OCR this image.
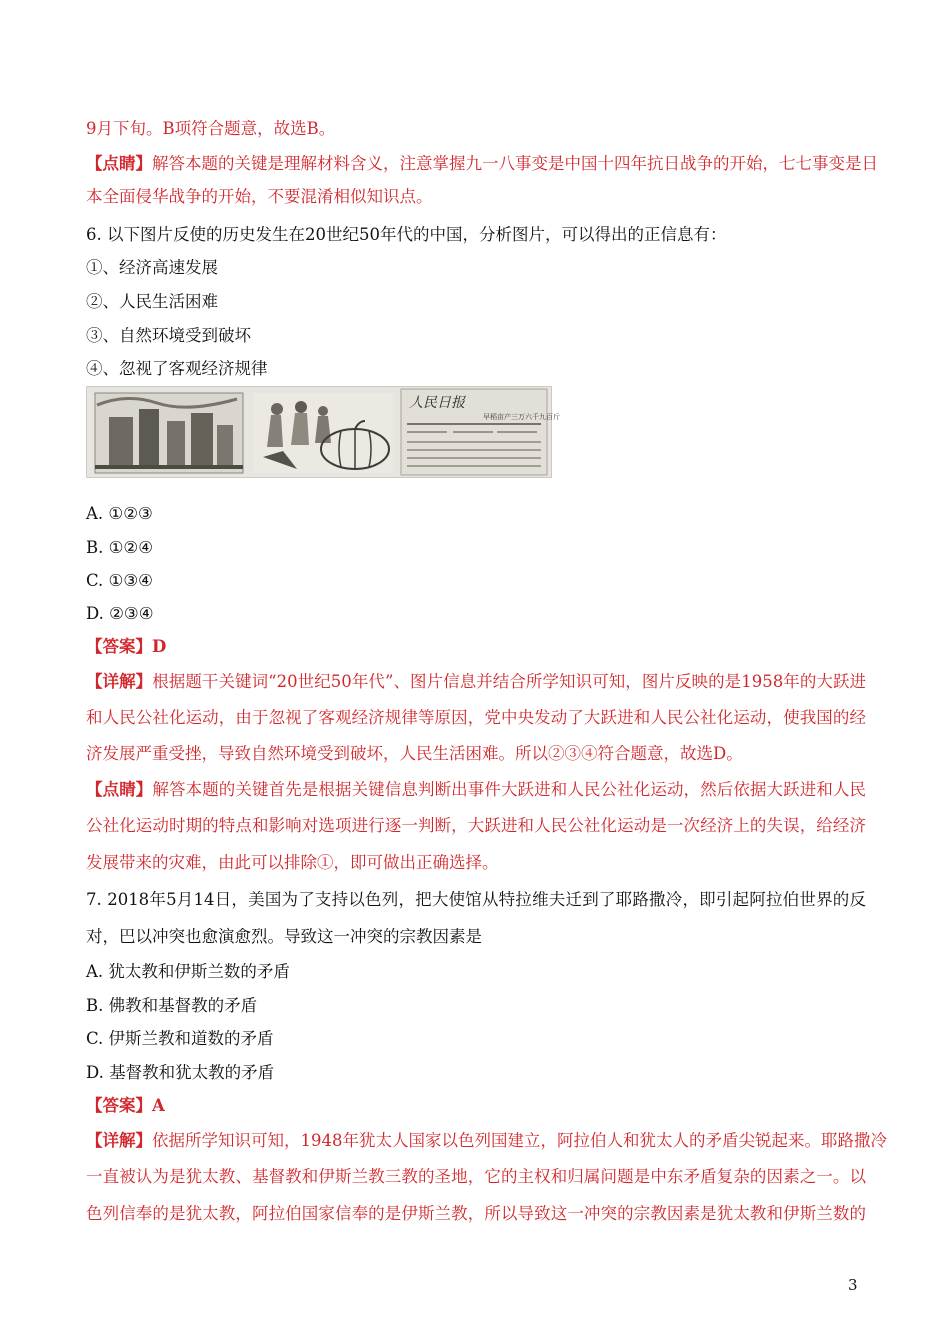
9月下旬。B项符合题意，故选B。
【点睛】解答本题的关键是理解材料含义，注意掌握九一八事变是中国十四年抗日战争的开始，七七事变是日
本全面侵华战争的开始，不要混淆相似知识点。
6. 以下图片反使的历史发生在20世纪50年代的中国，分析图片，可以得出的正信息有：
①、经济高速发展
②、人民生活困难
③、自然环境受到破坏
④、忽视了客观经济规律
人民日报
早稻亩产三万六千九百斤
A. ①②③
B. ①②④
C. ①③④
D. ②③④
【答案】D
【详解】根据题干关键词“20世纪50年代”、图片信息并结合所学知识可知，图片反映的是1958年的大跃进
和人民公社化运动，由于忽视了客观经济规律等原因，党中央发动了大跃进和人民公社化运动，使我国的经
济发展严重受挫，导致自然环境受到破坏，人民生活困难。所以②③④符合题意，故选D。
【点睛】解答本题的关键首先是根据关键信息判断出事件大跃进和人民公社化运动，然后依据大跃进和人民
公社化运动时期的特点和影响对选项进行逐一判断，大跃进和人民公社化运动是一次经济上的失误，给经济
发展带来的灾难，由此可以排除①，即可做出正确选择。
7. 2018年5月14日，美国为了支持以色列，把大使馆从特拉维夫迁到了耶路撒冷，即引起阿拉伯世界的反
对，巴以冲突也愈演愈烈。导致这一冲突的宗教因素是
A. 犹太教和伊斯兰数的矛盾
B. 佛教和基督教的矛盾
C. 伊斯兰教和道数的矛盾
D. 基督教和犹太教的矛盾
【答案】A
【详解】依据所学知识可知，1948年犹太人国家以色列国建立，阿拉伯人和犹太人的矛盾尖锐起来。耶路撒冷
一直被认为是犹太教、基督教和伊斯兰教三教的圣地，它的主权和归属问题是中东矛盾复杂的因素之一。以
色列信奉的是犹太教，阿拉伯国家信奉的是伊斯兰教，所以导致这一冲突的宗教因素是犹太教和伊斯兰数的
3
